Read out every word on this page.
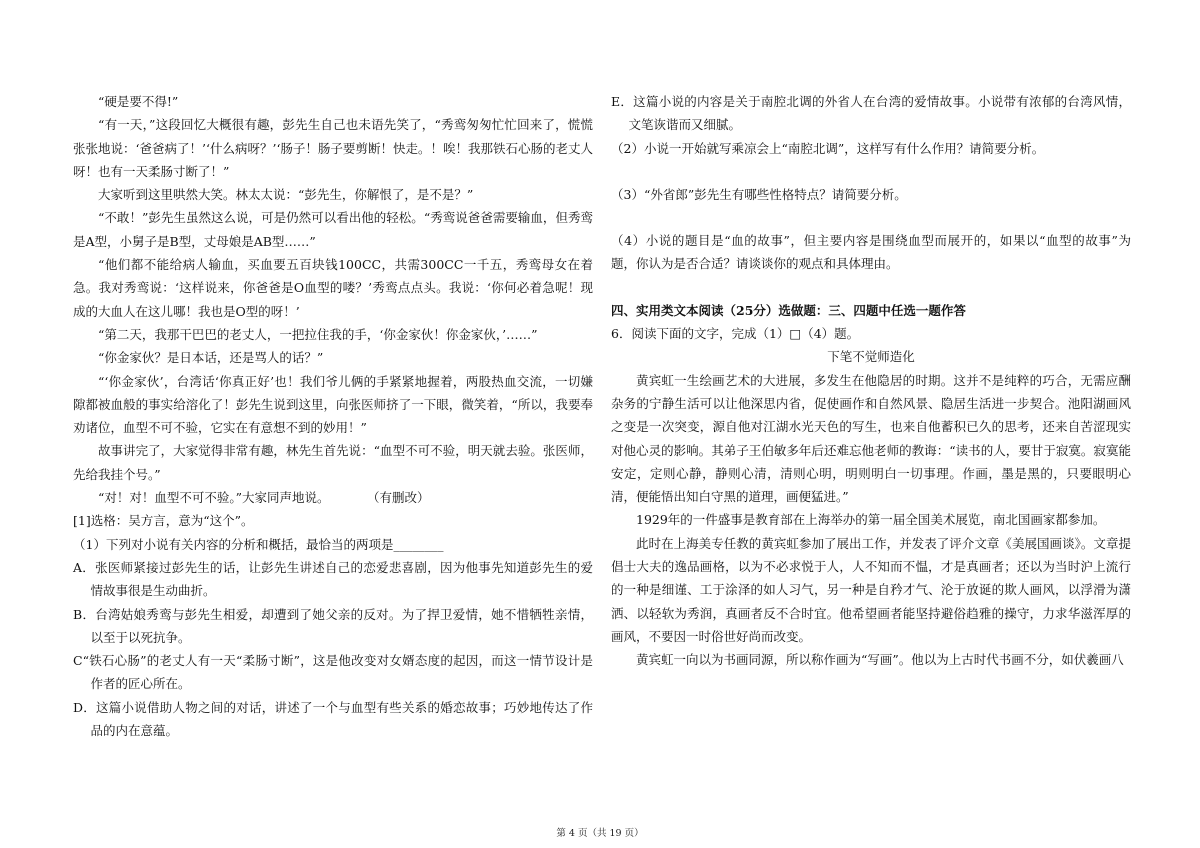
“硬是要不得!”

“有一天，”这段回忆大概很有趣，彭先生自己也未语先笑了，“秀鸾匆匆忙忙回来了，慌慌张张地说：‘爸爸病了！’‘什么病呀？’‘肠子！肠子要剪断！快走。！唉！我那铁石心肠的老丈人呀！也有一天柔肠寸断了！”

大家听到这里哄然大笑。林太太说：“彭先生，你解恨了，是不是？”

“不敢！”彭先生虽然这么说，可是仍然可以看出他的轻松。“秀鸾说爸爸需要输血，但秀鸾是A型，小舅子是B型，丈母娘是AB型……”

“他们都不能给病人输血，买血要五百块钱100CC，共需300CC一千五，秀鸾母女在着急。我对秀鸾说：‘这样说来，你爸爸是O血型的喽？’秀鸾点点头。我说：‘你何必着急呢！现成的大血人在这儿哪！我也是O型的呀！’

“第二天，我那干巴巴的老丈人，一把拉住我的手，‘你金家伙！你金家伙，’……”

“你金家伙？是日本话，还是骂人的话？”

“‘你金家伙’，台湾话‘你真正好’也！我们爷儿俩的手紧紧地握着，两股热血交流，一切嫌隙都被血般的事实给溶化了！彭先生说到这里，向张医师挤了一下眼，微笑着，“所以，我要奉劝诸位，血型不可不验，它实在有意想不到的妙用！”

故事讲完了，大家觉得非常有趣，林先生首先说：“血型不可不验，明天就去验。张医师，先给我挂个号。”

“对！对！血型不可不验。”大家同声地说。　　　　（有删改）

[1]选格：吴方言，意为“这个”。

（1）下列对小说有关内容的分析和概括，最恰当的两项是________

A．张医师紧接过彭先生的话，让彭先生讲述自己的恋爱悲喜剧，因为他事先知道彭先生的爱情故事很是生动曲折。

B．台湾姑娘秀鸾与彭先生相爱，却遭到了她父亲的反对。为了捍卫爱情，她不惜牺牲亲情，以至于以死抗争。

C“铁石心肠”的老丈人有一天“柔肠寸断”，这是他改变对女婿态度的起因，而这一情节设计是作者的匠心所在。

D．这篇小说借助人物之间的对话，讲述了一个与血型有些关系的婚恋故事；巧妙地传达了作品的内在意蕴。

E．这篇小说的内容是关于南腔北调的外省人在台湾的爱情故事。小说带有浓郁的台湾风情，文笔诙谐而又细腻。

（2）小说一开始就写乘凉会上“南腔北调”，这样写有什么作用？请简要分析。

（3）“外省郎”彭先生有哪些性格特点？请简要分析。

（4）小说的题目是“血的故事”，但主要内容是围绕血型而展开的，如果以“血型的故事”为题，你认为是否合适？请谈谈你的观点和具体理由。

四、实用类文本阅读（25分）选做题：三、四题中任选一题作答

6．阅读下面的文字，完成（1）□（4）题。

下笔不觉师造化

黄宾虹一生绘画艺术的大进展，多发生在他隐居的时期。这并不是纯粹的巧合，无需应酬杂务的宁静生活可以让他深思内省，促使画作和自然风景、隐居生活进一步契合。池阳湖画风之变是一次突变，源自他对江湖水光天色的写生，也来自他蓄积已久的思考，还来自苦涩现实对他心灵的影响。其弟子王伯敏多年后还难忘他老师的教诲：“读书的人，要甘于寂寞。寂寞能安定，定则心静，静则心清，清则心明，明则明白一切事理。作画，墨是黑的，只要眼明心清，便能悟出知白守黑的道理，画便猛进。”

1929年的一件盛事是教育部在上海举办的第一届全国美术展览，南北国画家都参加。

此时在上海美专任教的黄宾虹参加了展出工作，并发表了评介文章《美展国画谈》。文章提倡士大夫的逸品画格，以为不必求悦于人，人不知而不愠，才是真画者；还以为当时沪上流行的一种是细谨、工于涂泽的如人习气，另一种是自矜才气、沦于放诞的欺人画风，以浮滑为潇洒、以轻软为秀润，真画者反不合时宜。他希望画者能坚持避俗趋雅的操守，力求华滋浑厚的画风，不要因一时俗世好尚而改变。

黄宾虹一向以为书画同源，所以称作画为“写画”。他以为上古时代书画不分，如伏羲画八

第 4 页（共 19 页）
